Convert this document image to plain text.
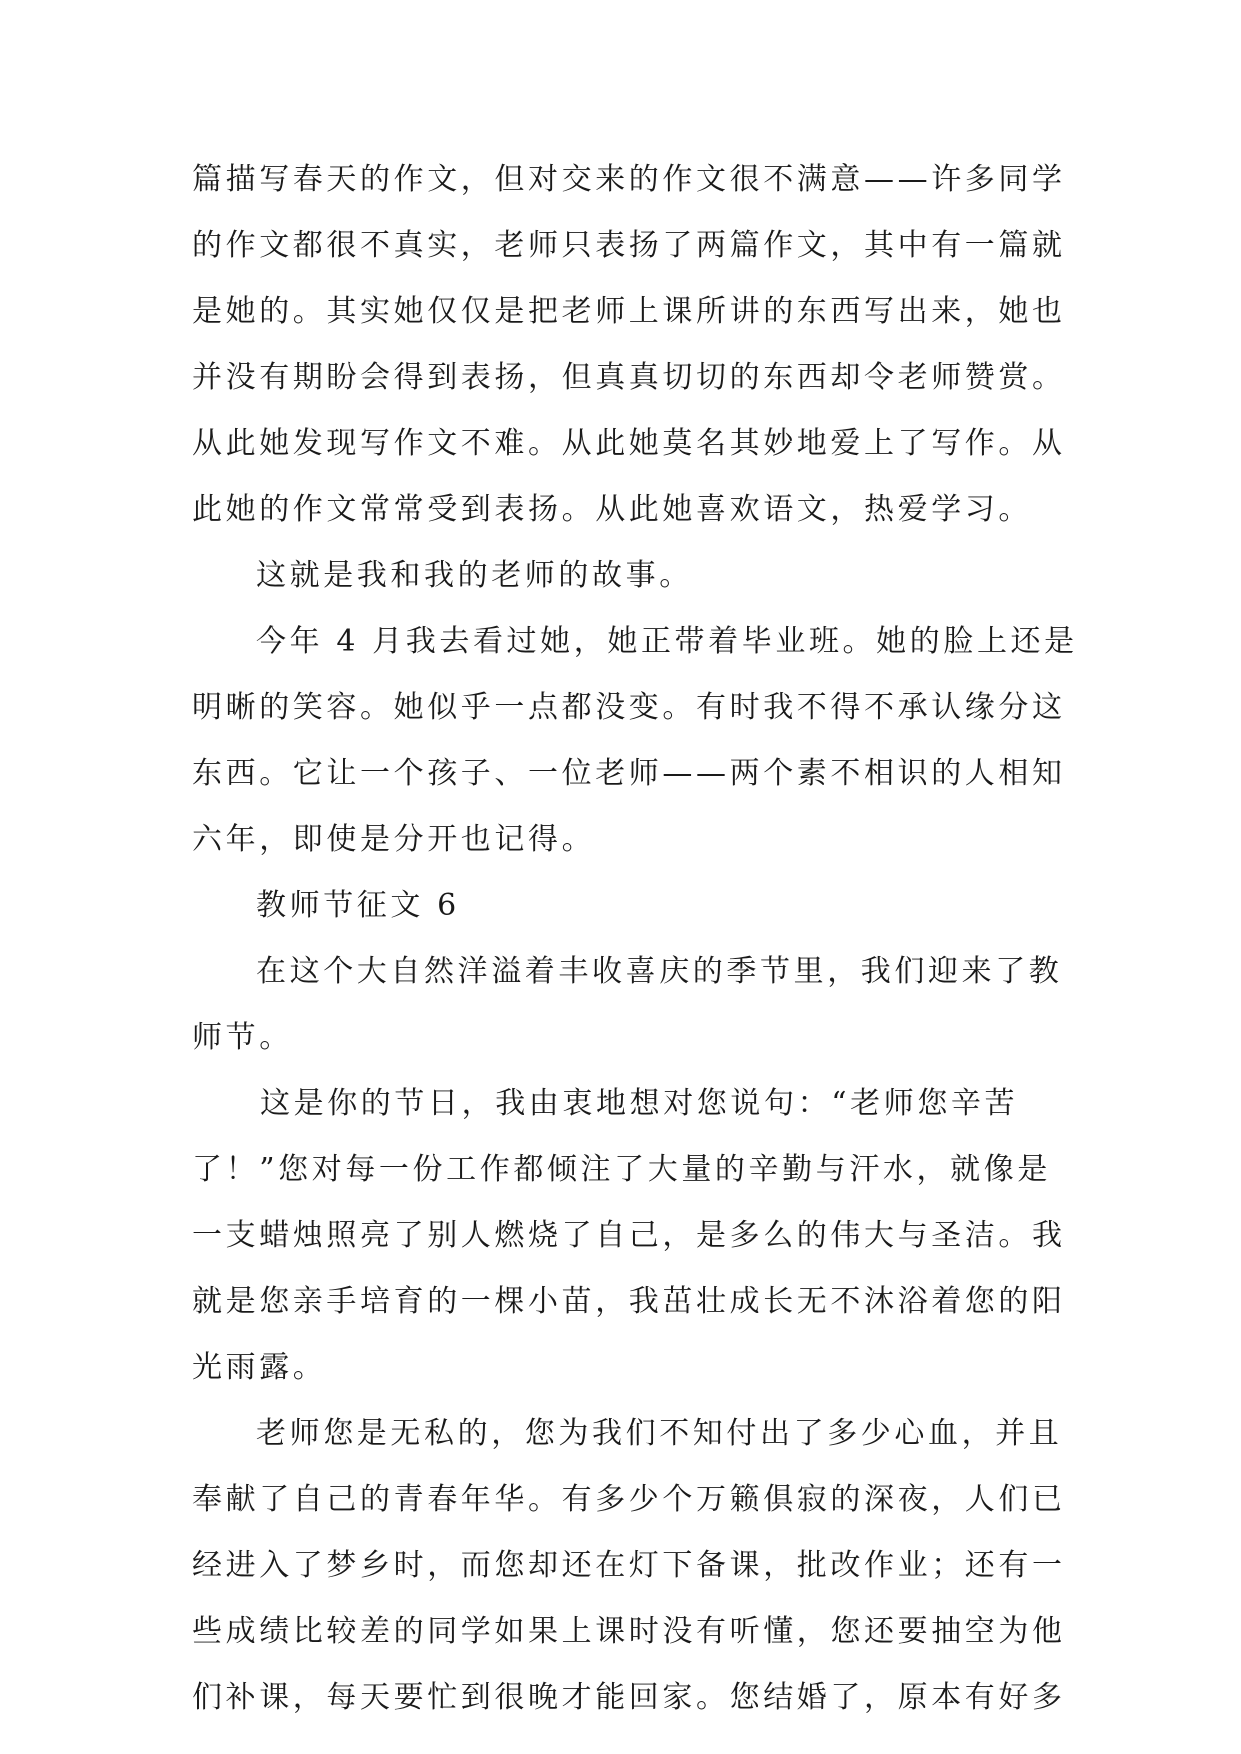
篇描写春天的作文，但对交来的作文很不满意——许多同学
的作文都很不真实，老师只表扬了两篇作文，其中有一篇就
是她的。其实她仅仅是把老师上课所讲的东西写出来，她也
并没有期盼会得到表扬，但真真切切的东西却令老师赞赏。
从此她发现写作文不难。从此她莫名其妙地爱上了写作。从
此她的作文常常受到表扬。从此她喜欢语文，热爱学习。
这就是我和我的老师的故事。
今年 4 月我去看过她，她正带着毕业班。她的脸上还是
明晰的笑容。她似乎一点都没变。有时我不得不承认缘分这
东西。它让一个孩子、一位老师——两个素不相识的人相知
六年，即使是分开也记得。
教师节征文 6
在这个大自然洋溢着丰收喜庆的季节里，我们迎来了教
师节。
这是你的节日，我由衷地想对您说句：“老师您辛苦
了！”您对每一份工作都倾注了大量的辛勤与汗水，就像是
一支蜡烛照亮了别人燃烧了自己，是多么的伟大与圣洁。我
就是您亲手培育的一棵小苗，我茁壮成长无不沐浴着您的阳
光雨露。
老师您是无私的，您为我们不知付出了多少心血，并且
奉献了自己的青春年华。有多少个万籁俱寂的深夜，人们已
经进入了梦乡时，而您却还在灯下备课，批改作业；还有一
些成绩比较差的同学如果上课时没有听懂，您还要抽空为他
们补课，每天要忙到很晚才能回家。您结婚了，原本有好多
